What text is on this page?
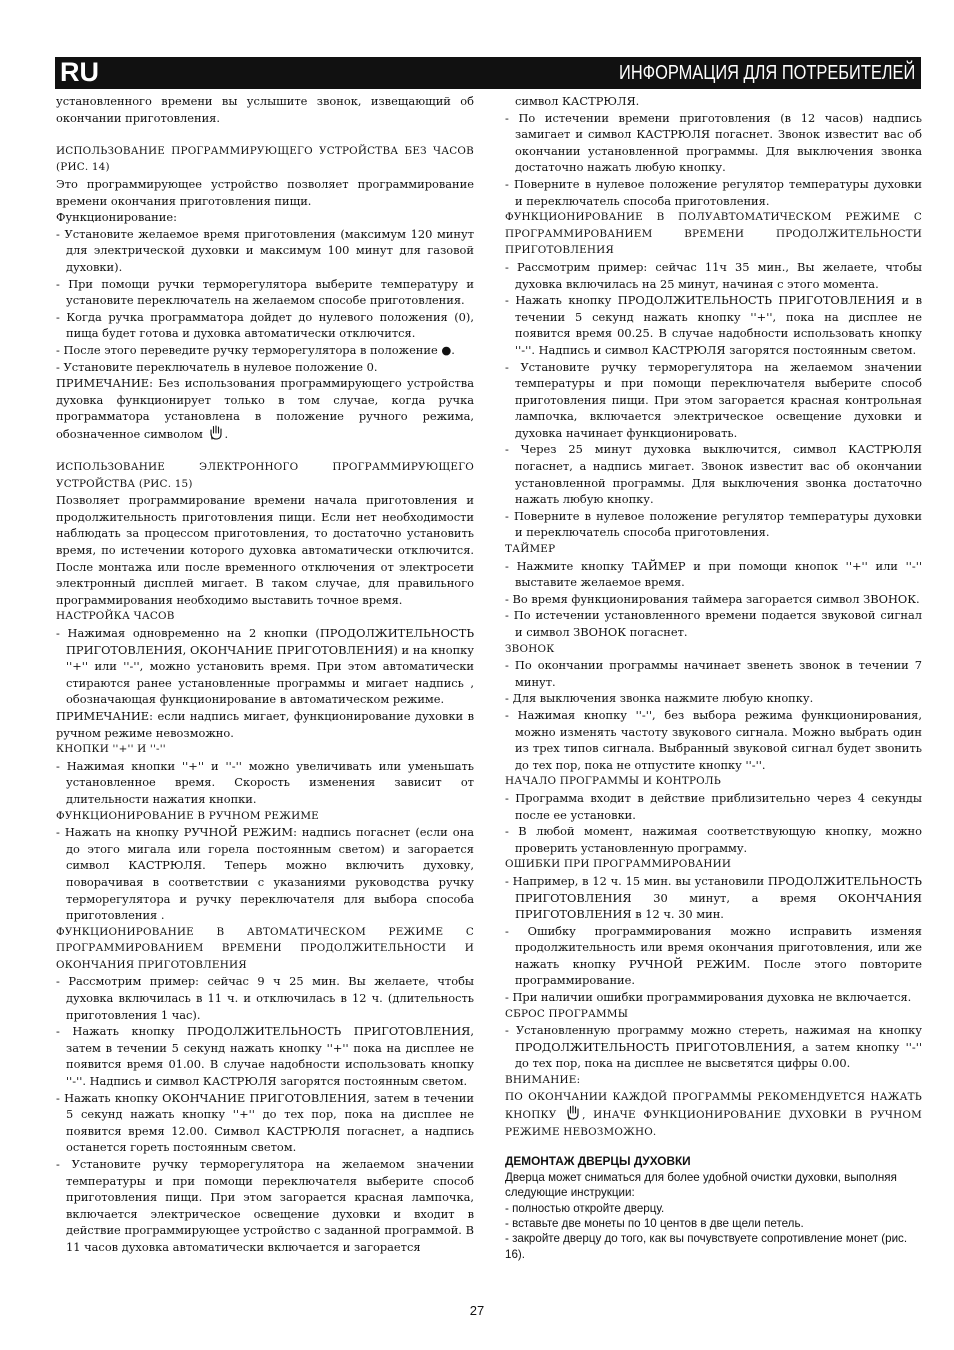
RU	ИНФОРМАЦИЯ ДЛЯ ПОТРЕБИТЕЛЕЙ

установленного времени вы услышите звонок, извещающий об окончании приготовления.

ИСПОЛЬЗОВАНИЕ ПРОГРАММИРУЮЩЕГО УСТРОЙСТВА БЕЗ ЧАСОВ (РИС. 14)

Это программирующее устройство позволяет программирование времени окончания приготовления пищи.

Функционирование:

- Установите желаемое время приготовления (максимум 120 минут для электрической духовки и максимум 100 минут для газовой духовки).

- При помощи ручки терморегулятора выберите температуру и установите переключатель на желаемом способе приготовления.

- Когда ручка программатора дойдет до нулевого положения (0), пища будет готова и духовка автоматически отключится.

- После этого переведите ручку терморегулятора в положение ●.

- Установите переключатель в нулевое положение 0.

ПРИМЕЧАНИЕ: Без использования программирующего устройства духовка функционирует только в том случае, когда ручка программатора установлена в положение ручного режима, обозначенное символом .

ИСПОЛЬЗОВАНИЕ ЭЛЕКТРОННОГО ПРОГРАММИРУЮЩЕГО УСТРОЙСТВА (РИС. 15)

Позволяет программирование времени начала приготовления и продолжительность приготовления пищи. Если нет необходимости наблюдать за процессом приготовления, то достаточно установить время, по истечении которого духовка автоматически отключится. После монтажа или после временного отключения от электросети электронный дисплей мигает. В таком случае, для правильного программирования необходимо выставить точное время.

НАСТРОЙКА ЧАСОВ

- Нажимая одновременно на 2 кнопки (ПРОДОЛЖИТЕЛЬНОСТЬ ПРИГОТОВЛЕНИЯ, ОКОНЧАНИЕ ПРИГОТОВЛЕНИЯ) и на кнопку ''+'' или ''-'', можно установить время. При этом автоматически стираются ранее установленные программы и мигает надпись , обозначающая функционирование в автоматическом режиме.

ПРИМЕЧАНИЕ: если надпись мигает, функционирование духовки в ручном режиме невозможно.

КНОПКИ ''+'' И ''-''

- Нажимая кнопки ''+'' и ''-'' можно увеличивать или уменьшать установленное время. Скорость изменения зависит от длительности нажатия кнопки.

ФУНКЦИОНИРОВАНИЕ В РУЧНОМ РЕЖИМЕ

- Нажать на кнопку РУЧНОЙ РЕЖИМ: надпись погаснет (если она до этого мигала или горела постоянным светом) и загорается символ КАСТРЮЛЯ. Теперь можно включить духовку, поворачивая в соответствии с указаниями руководства ручку терморегулятора и ручку переключателя для выбора способа приготовления .

ФУНКЦИОНИРОВАНИЕ В АВТОМАТИЧЕСКОМ РЕЖИМЕ С ПРОГРАММИРОВАНИЕМ ВРЕМЕНИ ПРОДОЛЖИТЕЛЬНОСТИ И ОКОНЧАНИЯ ПРИГОТОВЛЕНИЯ

- Рассмотрим пример: сейчас 9 ч 25 мин. Вы желаете, чтобы духовка включилась в 11 ч. и отключилась в 12 ч. (длительность приготовления 1 час).

- Нажать кнопку ПРОДОЛЖИТЕЛЬНОСТЬ ПРИГОТОВЛЕНИЯ, затем в течении 5 секунд нажать кнопку ''+'' пока на дисплее не появится время 01.00. В случае надобности использовать кнопку ''-''. Надпись и символ КАСТРЮЛЯ загорятся постоянным светом.

- Нажать кнопку ОКОНЧАНИЕ ПРИГОТОВЛЕНИЯ, затем в течении 5 секунд нажать кнопку ''+'' до тех пор, пока на дисплее не появится время 12.00. Символ КАСТРЮЛЯ погаснет, а надпись останется гореть постоянным светом.

- Установите ручку терморегулятора на желаемом значении температуры и при помощи переключателя выберите способ приготовления пищи. При этом загорается красная лампочка, включается электрическое освещение духовки и входит в действие программирующее устройство с заданной программой. В 11 часов духовка автоматически включается и загорается

символ КАСТРЮЛЯ.

- По истечении времени приготовления (в 12 часов) надпись замигает и символ КАСТРЮЛЯ погаснет. Звонок известит вас об окончании установленной программы. Для выключения звонка достаточно нажать любую кнопку.

- Поверните в нулевое положение регулятор температуры духовки и переключатель способа приготовления.

ФУНКЦИОНИРОВАНИЕ В ПОЛУАВТОМАТИЧЕСКОМ РЕЖИМЕ С ПРОГРАММИРОВАНИЕМ ВРЕМЕНИ ПРОДОЛЖИТЕЛЬНОСТИ ПРИГОТОВЛЕНИЯ

- Рассмотрим пример: сейчас 11ч 35 мин., Вы желаете, чтобы духовка включилась на 25 минут, начиная с этого момента.

- Нажать кнопку ПРОДОЛЖИТЕЛЬНОСТЬ ПРИГОТОВЛЕНИЯ и в течении 5 секунд нажать кнопку ''+'', пока на дисплее не появится время 00.25. В случае надобности использовать кнопку ''-''. Надпись и символ КАСТРЮЛЯ загорятся постоянным светом.

- Установите ручку терморегулятора на желаемом значении температуры и при помощи переключателя выберите способ приготовления пищи. При этом загорается красная контрольная лампочка, включается электрическое освещение духовки и духовка начинает функционировать.

- Через 25 минут духовка выключится, символ КАСТРЮЛЯ погаснет, а надпись мигает. Звонок известит вас об окончании установленной программы. Для выключения звонка достаточно нажать любую кнопку.

- Поверните в нулевое положение регулятор температуры духовки и переключатель способа приготовления.

ТАЙМЕР

- Нажмите кнопку ТАЙМЕР и при помощи кнопок ''+'' или ''-'' выставите желаемое время.

- Во время функционирования таймера загорается символ ЗВОНОК.

- По истечении установленного времени подается звуковой сигнал и символ ЗВОНОК погаснет.

ЗВОНОК

- По окончании программы начинает звенеть звонок в течении 7 минут.

- Для выключения звонка нажмите любую кнопку.

- Нажимая кнопку ''-'', без выбора режима функционирования, можно изменять частоту звукового сигнала. Можно выбрать один из трех типов сигнала. Выбранный звуковой сигнал будет звонить до тех пор, пока не отпустите кнопку ''-''.

НАЧАЛО ПРОГРАММЫ И КОНТРОЛЬ

- Программа входит в действие приблизительно через 4 секунды после ее установки.

- В любой момент, нажимая соответствующую кнопку, можно проверить установленную программу.

ОШИБКИ ПРИ ПРОГРАММИРОВАНИИ

- Например, в 12 ч. 15 мин. вы установили ПРОДОЛЖИТЕЛЬНОСТЬ ПРИГОТОВЛЕНИЯ 30 минут, а время ОКОНЧАНИЯ ПРИГОТОВЛЕНИЯ в 12 ч. 30 мин.

- Ошибку программирования можно исправить изменяя продолжительность или время окончания приготовления, или же нажать кнопку РУЧНОЙ РЕЖИМ. После этого повторите программирование.

- При наличии ошибки программирования духовка не включается.

СБРОС ПРОГРАММЫ

- Установленную программу можно стереть, нажимая на кнопку ПРОДОЛЖИТЕЛЬНОСТЬ ПРИГОТОВЛЕНИЯ, а затем кнопку ''-'' до тех пор, пока на дисплее не высветятся цифры 0.00.

ВНИМАНИЕ:

ПО ОКОНЧАНИИ КАЖДОЙ ПРОГРАММЫ РЕКОМЕНДУЕТСЯ НАЖАТЬ КНОПКУ , ИНАЧЕ ФУНКЦИОНИРОВАНИЕ ДУХОВКИ В РУЧНОМ РЕЖИМЕ НЕВОЗМОЖНО.

ДЕМОНТАЖ ДВЕРЦЫ ДУХОВКИ

Дверца может сниматься для более удобной очистки духовки, выполняя следующие инструкции:

- полностью откройте дверцу.

- вставьте две монеты по 10 центов в две щели петель.

- закройте дверцу до того, как вы почувствуете сопротивление монет (рис. 16).

27
